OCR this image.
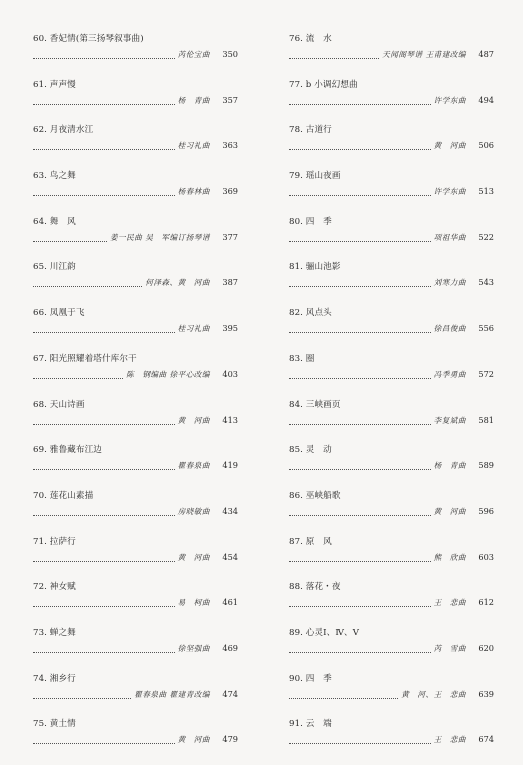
60. 香妃情(第三扬琴叙事曲)
芮伦宝曲 350
61. 声声慢
杨　青曲 357
62. 月夜清水江
桂习礼曲 363
63. 鸟之舞
杨春林曲 369
64. 舞　风
姜一民曲 吴　军编订扬琴谱 377
65. 川江韵
何泽森、黄　河曲 387
66. 凤凰于飞
桂习礼曲 395
67. 阳光照耀着塔什库尔干
陈　钢编曲 徐平心改编 403
68. 天山诗画
黄　河曲 413
69. 雅鲁藏布江边
瞿春泉曲 419
70. 莲花山素描
房晓敏曲 434
71. 拉萨行
黄　河曲 454
72. 神女赋
易　柯曲 461
73. 蝉之舞
徐坚强曲 469
74. 湘乡行
瞿春泉曲 瞿建青改编 474
75. 黄土情
黄　河曲 479
76. 流　水
天闻阁琴谱 王甫建改编 487
77. b 小调幻想曲
许学东曲 494
78. 古道行
黄　河曲 506
79. 瑶山夜画
许学东曲 513
80. 四　季
项祖华曲 522
81. 骊山池影
刘寒力曲 543
82. 风点头
徐昌俊曲 556
83. 圈
冯季勇曲 572
84. 三峡画页
李复斌曲 581
85. 灵　动
杨　青曲 589
86. 巫峡船歌
黄　河曲 596
87. 原　风
熊　欣曲 603
88. 落花・夜
王　悲曲 612
89. 心灵Ⅰ、Ⅳ、Ⅴ
芮　雪曲 620
90. 四　季
黄　河、王　悲曲 639
91. 云　端
王　悲曲 674
